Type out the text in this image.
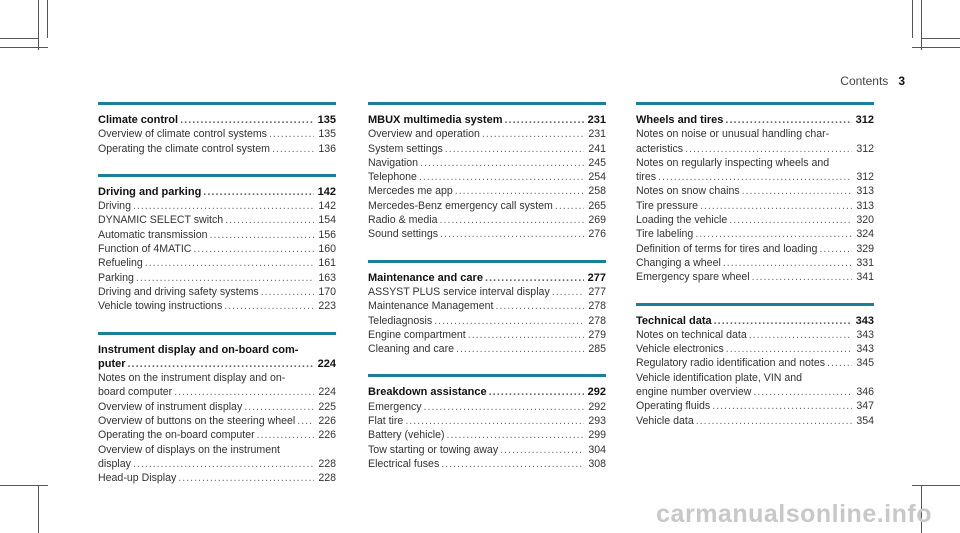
Contents 3
Climate control .....	135
Overview of climate control systems .....	135
Operating the climate control system .....	136
Driving and parking .....	142
Driving .....	142
DYNAMIC SELECT switch .....	154
Automatic transmission .....	156
Function of 4MATIC .....	160
Refueling .....	161
Parking .....	163
Driving and driving safety systems .....	170
Vehicle towing instructions .....	223
Instrument display and on-board com-
puter .....	224
Notes on the instrument display and on-
board computer .....	224
Overview of instrument display .....	225
Overview of buttons on the steering wheel ..... 226
Operating the on-board computer .....	226
Overview of displays on the instrument
display .....	228
Head-up Display .....	228
MBUX multimedia system .....	231
Overview and operation .....	231
System settings .....	241
Navigation .....	245
Telephone .....	254
Mercedes me app .....	258
Mercedes-Benz emergency call system .....	265
Radio & media .....	269
Sound settings .....	276
Maintenance and care .....	277
ASSYST PLUS service interval display .....	277
Maintenance Management .....	278
Telediagnosis .....	278
Engine compartment .....	279
Cleaning and care .....	285
Breakdown assistance .....	292
Emergency .....	292
Flat tire .....	293
Battery (vehicle) .....	299
Tow starting or towing away .....	304
Electrical fuses .....	308
Wheels and tires .....	312
Notes on noise or unusual handling char-
acteristics .....	312
Notes on regularly inspecting wheels and
tires .....	312
Notes on snow chains .....	313
Tire pressure .....	313
Loading the vehicle .....	320
Tire labeling .....	324
Definition of terms for tires and loading .....	329
Changing a wheel .....	331
Emergency spare wheel .....	341
Technical data .....	343
Notes on technical data .....	343
Vehicle electronics .....	343
Regulatory radio identification and notes .....	345
Vehicle identification plate, VIN and
engine number overview .....	346
Operating fluids .....	347
Vehicle data .....	354
carmanualsonline.info
